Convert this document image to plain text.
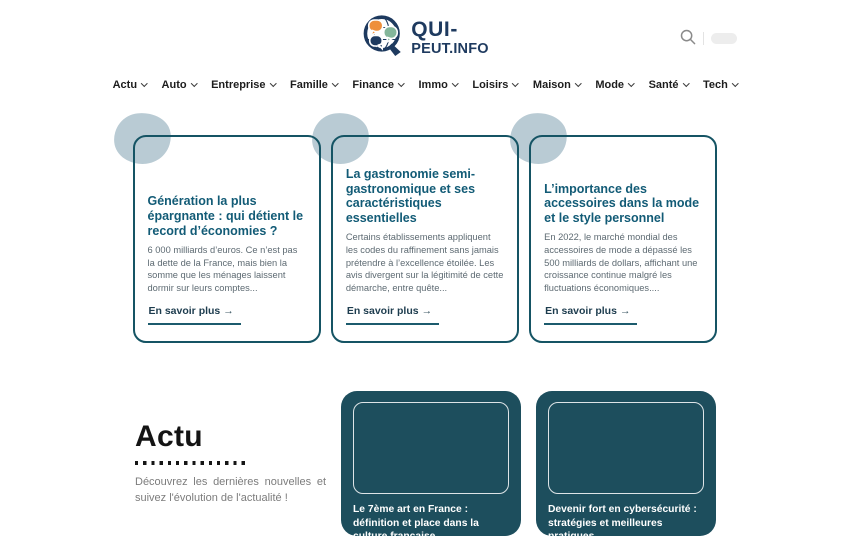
QUI-
PEUT.INFO
Actu Auto Entreprise Famille Finance Immo Loisirs Maison Mode Santé Tech
Génération la plus épargnante : qui détient le record d’économies ?

6 000 milliards d’euros. Ce n’est pas la dette de la France, mais bien la somme que les ménages laissent dormir sur leurs comptes...

En savoir plus →
La gastronomie semi-gastronomique et ses caractéristiques essentielles

Certains établissements appliquent les codes du raffinement sans jamais prétendre à l’excellence étoilée. Les avis divergent sur la légitimité de cette démarche, entre quête...

En savoir plus →
L’importance des accessoires dans la mode et le style personnel

En 2022, le marché mondial des accessoires de mode a dépassé les 500 milliards de dollars, affichant une croissance continue malgré les fluctuations économiques....

En savoir plus →
Actu

Découvrez les dernières nouvelles et suivez l'évolution de l'actualité !

Le 7ème art en France : définition et place dans la culture française
Devenir fort en cybersécurité : stratégies et meilleures pratiques
